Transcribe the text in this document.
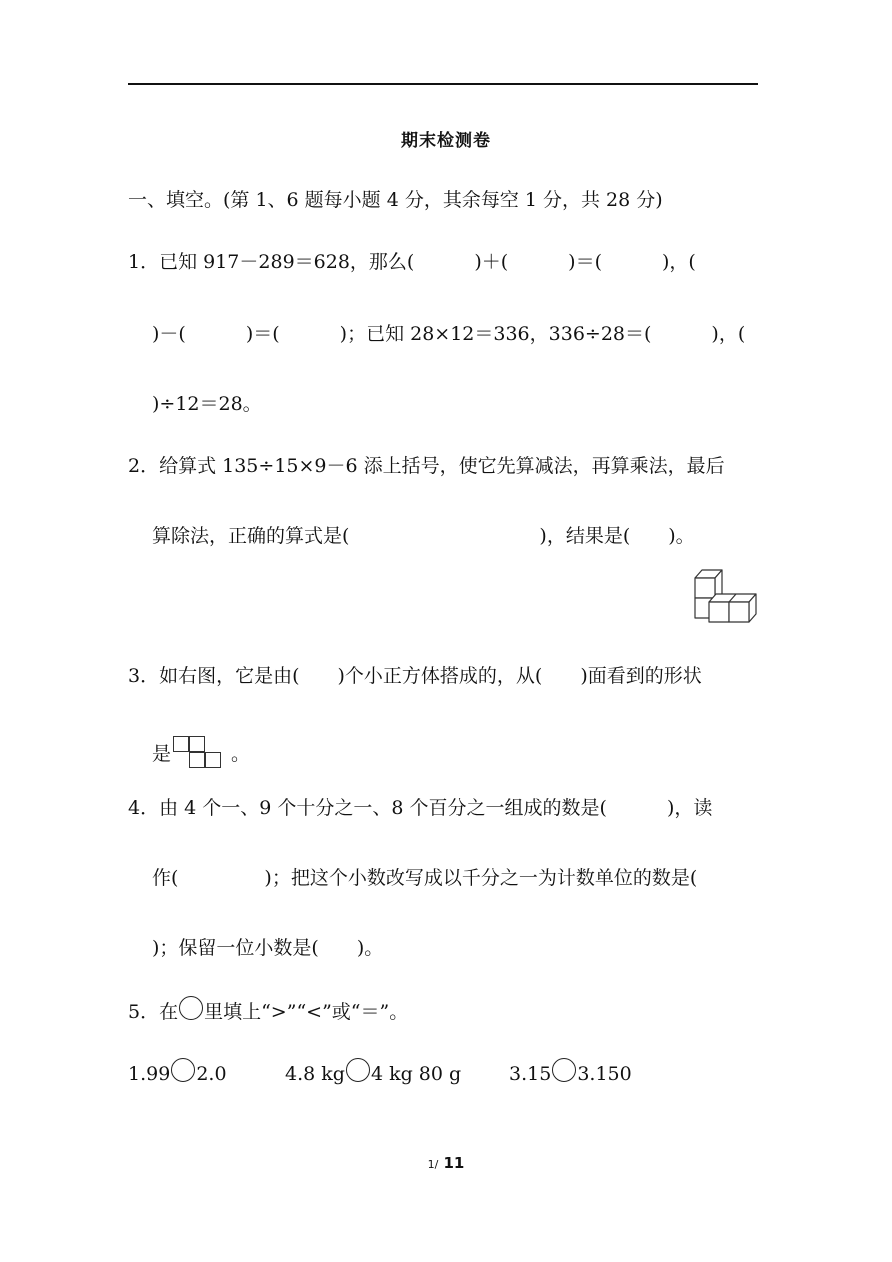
期末检测卷
一、填空。(第 1、6 题每小题 4 分，其余每空 1 分，共 28 分)
1．已知 917－289＝628，那么(	)＋(	)＝(	)，(
)－(	)＝(	)；已知 28×12＝336，336÷28＝(	)，(
)÷12＝28。
2．给算式 135÷15×9－6 添上括号，使它先算减法，再算乘法，最后
算除法，正确的算式是(	)，结果是( )。
3．如右图，它是由( )个小正方体搭成的，从( )面看到的形状
是	。
4．由 4 个一、9 个十分之一、8 个百分之一组成的数是(	)，读
作(	)；把这个小数改写成以千分之一为计数单位的数是(
)；保留一位小数是( )。
5．在 里填上“>”“<”或“＝”。
1.99 2.0	4.8 kg 4 kg 80 g	3.15 3.150
1/ 11
